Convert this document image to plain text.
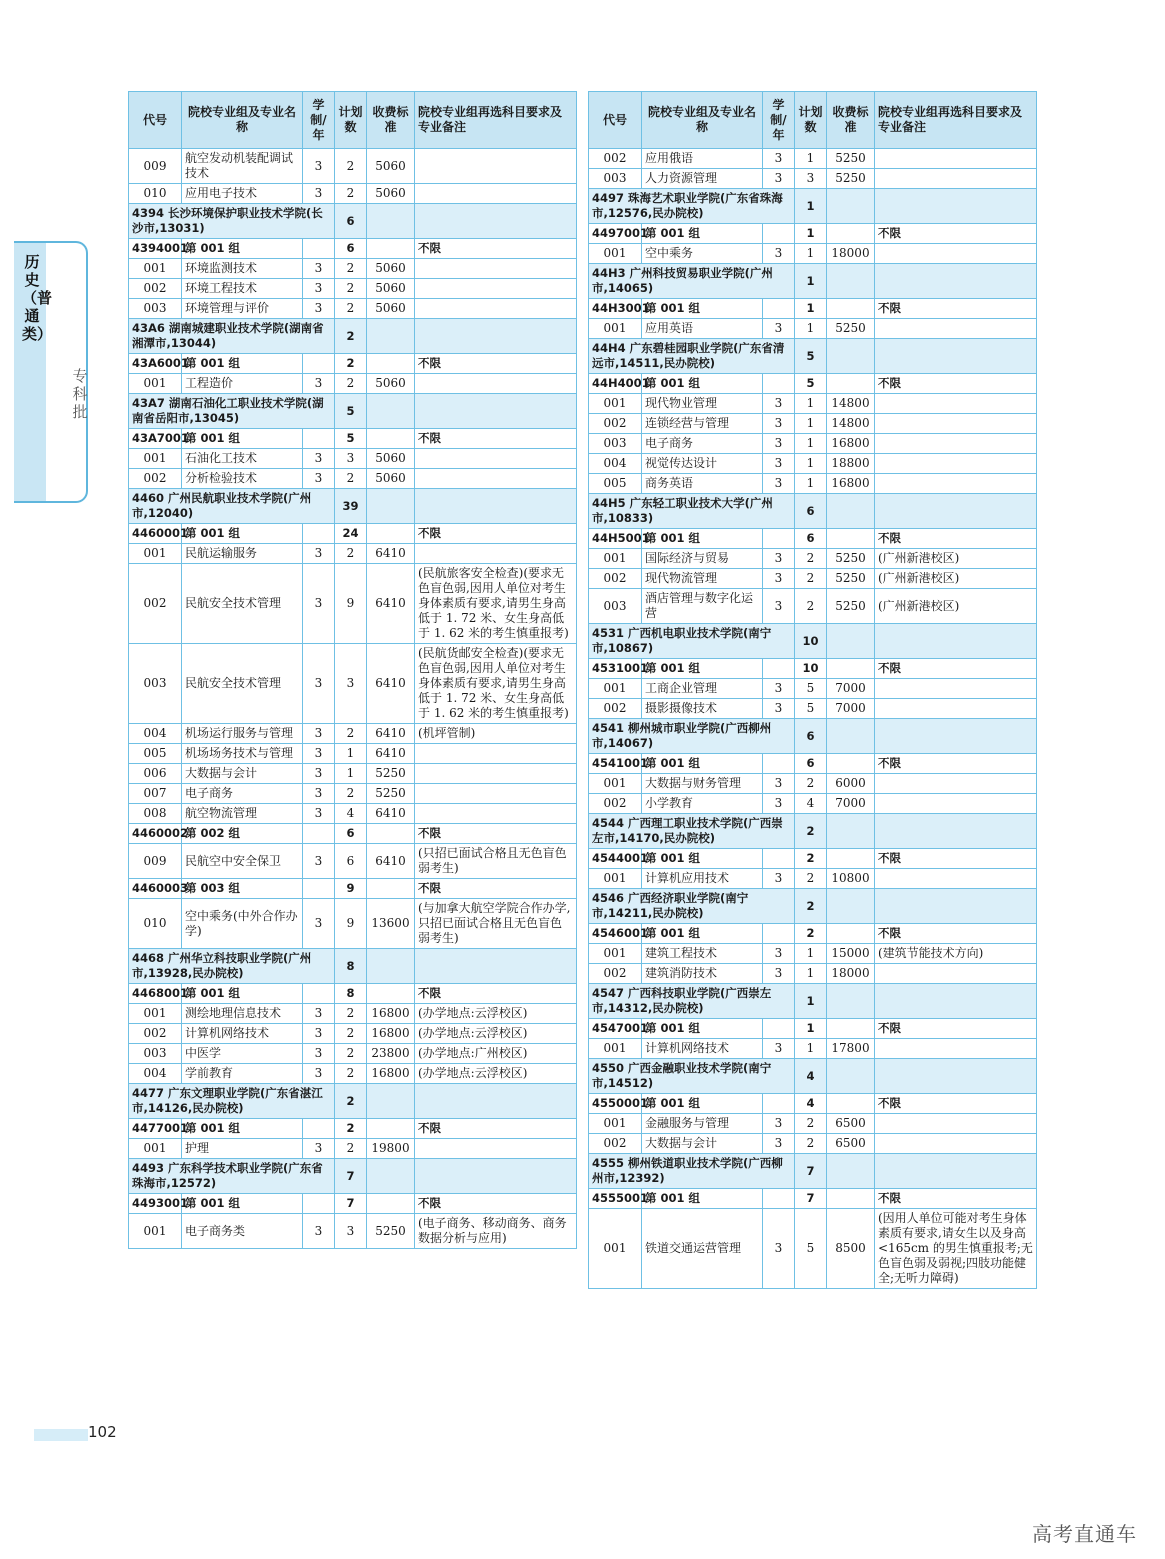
历史（普通类）
专科批
代号	院校专业组及专业名称	学制/年	计划数	收费标准	院校专业组再选科目要求及专业备注
009	航空发动机装配调试技术	3	2	5060	
010	应用电子技术	3	2	5060	
4394 长沙环境保护职业技术学院(长沙市,13031)			6		
4394001	第 001 组		6		不限
001	环境监测技术	3	2	5060	
002	环境工程技术	3	2	5060	
003	环境管理与评价	3	2	5060	
43A6 湖南城建职业技术学院(湖南省湘潭市,13044)			2		
43A6001	第 001 组		2		不限
001	工程造价	3	2	5060	
43A7 湖南石油化工职业技术学院(湖南省岳阳市,13045)			5		
43A7001	第 001 组		5		不限
001	石油化工技术	3	3	5060	
002	分析检验技术	3	2	5060	
4460 广州民航职业技术学院(广州市,12040)			39		
4460001	第 001 组		24		不限
001	民航运输服务	3	2	6410	
002	民航安全技术管理	3	9	6410	(民航旅客安全检查)(要求无色盲色弱,因用人单位对考生身体素质有要求,请男生身高低于 1. 72 米、女生身高低于 1. 62 米的考生慎重报考)
003	民航安全技术管理	3	3	6410	(民航货邮安全检查)(要求无色盲色弱,因用人单位对考生身体素质有要求,请男生身高低于 1. 72 米、女生身高低于 1. 62 米的考生慎重报考)
004	机场运行服务与管理	3	2	6410	(机坪管制)
005	机场场务技术与管理	3	1	6410	
006	大数据与会计	3	1	5250	
007	电子商务	3	2	5250	
008	航空物流管理	3	4	6410	
4460002	第 002 组		6		不限
009	民航空中安全保卫	3	6	6410	(只招已面试合格且无色盲色弱考生)
4460003	第 003 组		9		不限
010	空中乘务(中外合作办学)	3	9	13600	(与加拿大航空学院合作办学,只招已面试合格且无色盲色弱考生)
4468 广州华立科技职业学院(广州市,13928,民办院校)			8		
4468001	第 001 组		8		不限
001	测绘地理信息技术	3	2	16800	(办学地点:云浮校区)
002	计算机网络技术	3	2	16800	(办学地点:云浮校区)
003	中医学	3	2	23800	(办学地点:广州校区)
004	学前教育	3	2	16800	(办学地点:云浮校区)
4477 广东文理职业学院(广东省湛江市,14126,民办院校)			2		
4477001	第 001 组		2		不限
001	护理	3	2	19800	
4493 广东科学技术职业学院(广东省珠海市,12572)			7		
4493001	第 001 组		7		不限
001	电子商务类	3	3	5250	(电子商务、移动商务、商务数据分析与应用)
代号	院校专业组及专业名称	学制/年	计划数	收费标准	院校专业组再选科目要求及专业备注
002	应用俄语	3	1	5250	
003	人力资源管理	3	3	5250	
4497 珠海艺术职业学院(广东省珠海市,12576,民办院校)			1		
4497001	第 001 组		1		不限
001	空中乘务	3	1	18000	
44H3 广州科技贸易职业学院(广州市,14065)			1		
44H3001	第 001 组		1		不限
001	应用英语	3	1	5250	
44H4 广东碧桂园职业学院(广东省清远市,14511,民办院校)			5		
44H4001	第 001 组		5		不限
001	现代物业管理	3	1	14800	
002	连锁经营与管理	3	1	14800	
003	电子商务	3	1	16800	
004	视觉传达设计	3	1	18800	
005	商务英语	3	1	16800	
44H5 广东轻工职业技术大学(广州市,10833)			6		
44H5001	第 001 组		6		不限
001	国际经济与贸易	3	2	5250	(广州新港校区)
002	现代物流管理	3	2	5250	(广州新港校区)
003	酒店管理与数字化运营	3	2	5250	(广州新港校区)
4531 广西机电职业技术学院(南宁市,10867)			10		
4531001	第 001 组		10		不限
001	工商企业管理	3	5	7000	
002	摄影摄像技术	3	5	7000	
4541 柳州城市职业学院(广西柳州市,14067)			6		
4541001	第 001 组		6		不限
001	大数据与财务管理	3	2	6000	
002	小学教育	3	4	7000	
4544 广西理工职业技术学院(广西崇左市,14170,民办院校)			2		
4544001	第 001 组		2		不限
001	计算机应用技术	3	2	10800	
4546 广西经济职业学院(南宁市,14211,民办院校)			2		
4546001	第 001 组		2		不限
001	建筑工程技术	3	1	15000	(建筑节能技术方向)
002	建筑消防技术	3	1	18000	
4547 广西科技职业学院(广西崇左市,14312,民办院校)			1		
4547001	第 001 组		1		不限
001	计算机网络技术	3	1	17800	
4550 广西金融职业技术学院(南宁市,14512)			4		
4550001	第 001 组		4		不限
001	金融服务与管理	3	2	6500	
002	大数据与会计	3	2	6500	
4555 柳州铁道职业技术学院(广西柳州市,12392)			7		
4555001	第 001 组		7		不限
001	铁道交通运营管理	3	5	8500	(因用人单位可能对考生身体素质有要求,请女生以及身高<165cm 的男生慎重报考;无色盲色弱及弱视;四肢功能健全;无听力障碍)
102
高考直通车
